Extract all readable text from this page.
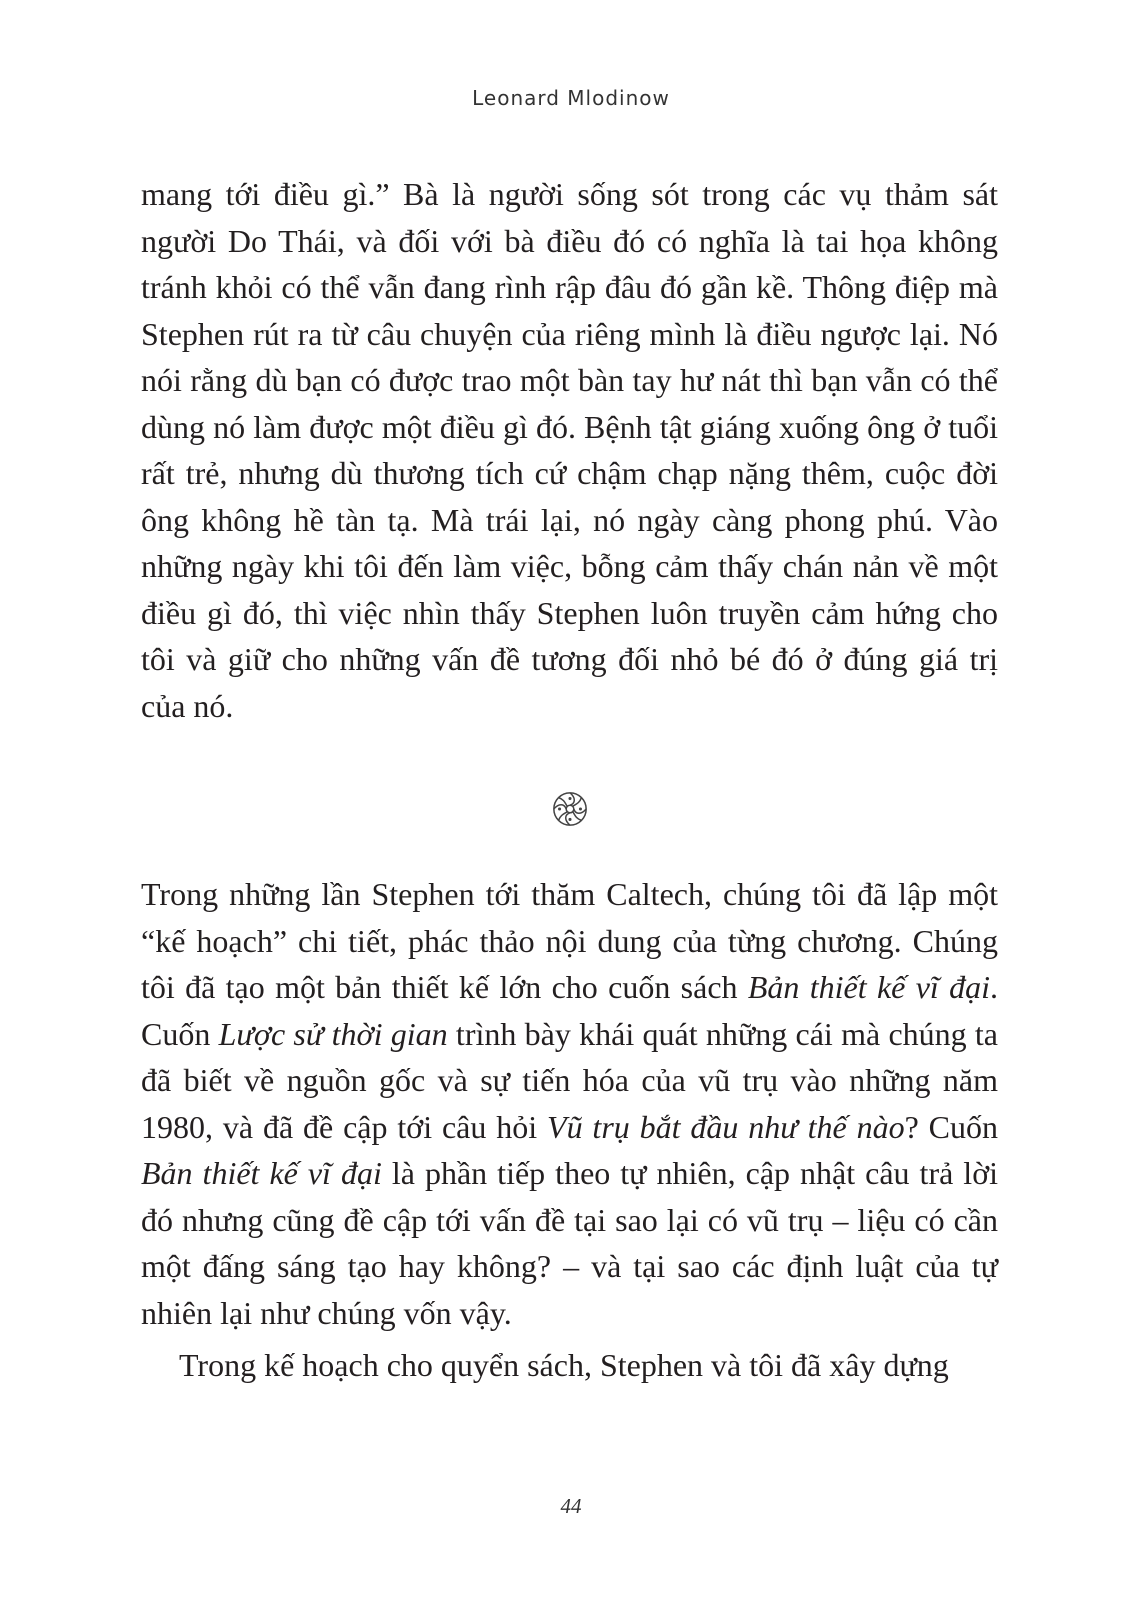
Leonard Mlodinow

mang tới điều gì.” Bà là người sống sót trong các vụ thảm sát người Do Thái, và đối với bà điều đó có nghĩa là tai họa không tránh khỏi có thể vẫn đang rình rập đâu đó gần kề. Thông điệp mà Stephen rút ra từ câu chuyện của riêng mình là điều ngược lại. Nó nói rằng dù bạn có được trao một bàn tay hư nát thì bạn vẫn có thể dùng nó làm được một điều gì đó. Bệnh tật giáng xuống ông ở tuổi rất trẻ, nhưng dù thương tích cứ chậm chạp nặng thêm, cuộc đời ông không hề tàn tạ. Mà trái lại, nó ngày càng phong phú. Vào những ngày khi tôi đến làm việc, bỗng cảm thấy chán nản về một điều gì đó, thì việc nhìn thấy Stephen luôn truyền cảm hứng cho tôi và giữ cho những vấn đề tương đối nhỏ bé đó ở đúng giá trị của nó.

Trong những lần Stephen tới thăm Caltech, chúng tôi đã lập một “kế hoạch” chi tiết, phác thảo nội dung của từng chương. Chúng tôi đã tạo một bản thiết kế lớn cho cuốn sách Bản thiết kế vĩ đại. Cuốn Lược sử thời gian trình bày khái quát những cái mà chúng ta đã biết về nguồn gốc và sự tiến hóa của vũ trụ vào những năm 1980, và đã đề cập tới câu hỏi Vũ trụ bắt đầu như thế nào? Cuốn Bản thiết kế vĩ đại là phần tiếp theo tự nhiên, cập nhật câu trả lời đó nhưng cũng đề cập tới vấn đề tại sao lại có vũ trụ – liệu có cần một đấng sáng tạo hay không? – và tại sao các định luật của tự nhiên lại như chúng vốn vậy.

Trong kế hoạch cho quyển sách, Stephen và tôi đã xây dựng

44
